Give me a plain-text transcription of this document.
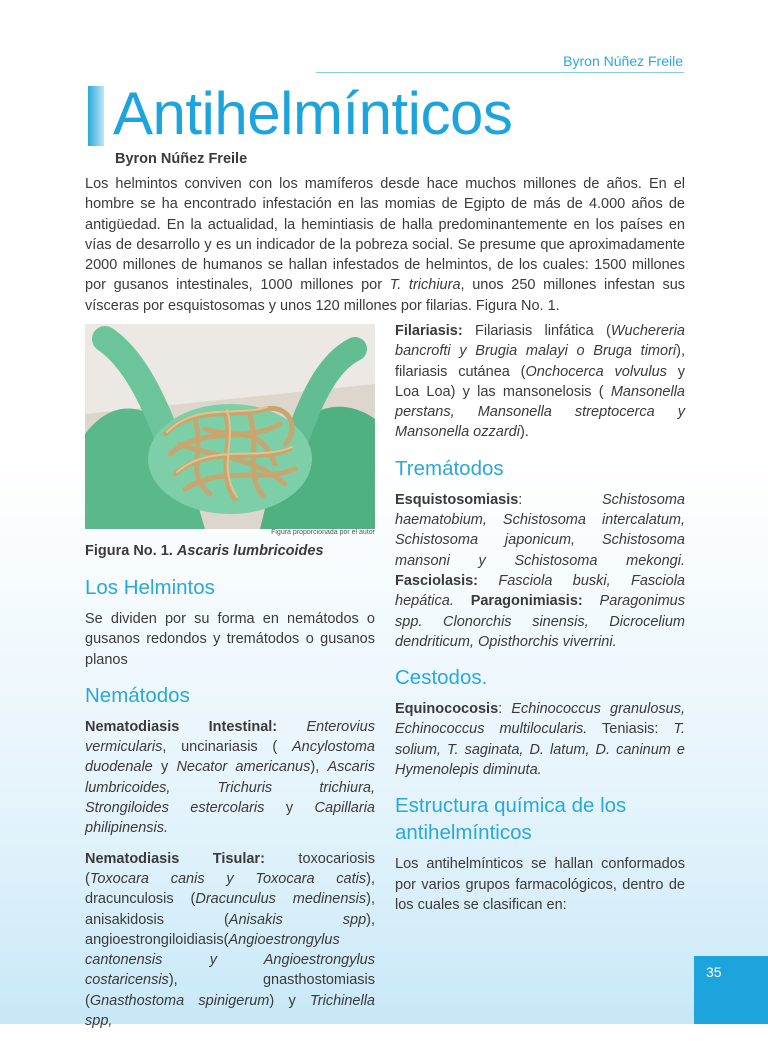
Byron Núñez Freile
Antihelmínticos
Byron Núñez Freile

Los helmintos conviven con los mamíferos desde hace muchos millones de años. En el hombre se ha encontrado infestación en las momias de Egipto de más de 4.000 años de antigüedad. En la actualidad, la hemintiasis de halla predominantemente en los países en vías de desarrollo y es un indicador de la pobreza social. Se presume que aproximadamente 2000 millones de humanos se hallan infestados de helmintos, de los cuales: 1500 millones por gusanos intestinales, 1000 millones por T. trichiura, unos 250 millones infestan sus vísceras por esquistosomas y unos 120 millones por filarias. Figura No. 1.

Figura proporcionada por el autor
Figura No. 1. Ascaris lumbricoides
Los Helmintos

Se dividen por su forma en nemátodos o gusanos redondos y tremátodos o gusanos planos

Nemátodos

Nematodiasis Intestinal: Enterovius vermicularis, uncinariasis ( Ancylostoma duodenale y Necator americanus), Ascaris lumbricoides, Trichuris trichiura, Strongiloides estercolaris y Capillaria philipinensis.

Nematodiasis Tisular: toxocariosis (Toxocara canis y Toxocara catis), dracunculosis (Dracunculus medinensis), anisakidosis (Anisakis spp), angioestrongiloidiasis(Angioestrongylus cantonensis y Angioestrongylus costaricensis), gnasthostomiasis (Gnasthostoma spinigerum) y Trichinella spp,

Filariasis: Filariasis linfática (Wuchereria bancrofti y Brugia malayi o Bruga timori), filariasis cutánea (Onchocerca volvulus y Loa Loa) y las mansonelosis ( Mansonella perstans, Mansonella streptocerca y Mansonella ozzardi).

Tremátodos

Esquistosomiasis: Schistosoma haematobium, Schistosoma intercalatum, Schistosoma japonicum, Schistosoma mansoni y Schistosoma mekongi. Fasciolasis: Fasciola buski, Fasciola hepática. Paragonimiasis: Paragonimus spp. Clonorchis sinensis, Dicrocelium dendriticum, Opisthorchis viverrini.

Cestodos.

Equinococosis: Echinococcus granulosus, Echinococcus multilocularis. Teniasis: T. solium, T. saginata, D. latum, D. caninum e Hymenolepis diminuta.

Estructura química de los antihelmínticos

Los antihelmínticos se hallan conformados por varios grupos farmacológicos, dentro de los cuales se clasifican en:

35
